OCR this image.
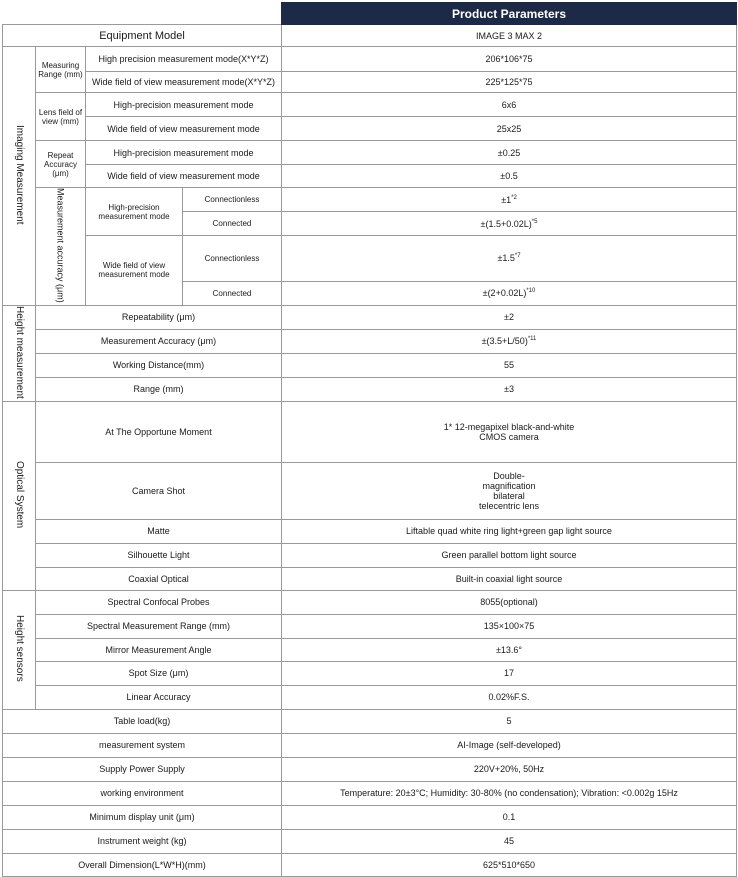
				Product Parameters
Equipment Model				IMAGE 3 MAX 2
Imaging Measurement	Measuring Range (mm)	High precision measurement mode(X*Y*Z)		206*106*75
		Wide field of view measurement mode(X*Y*Z)		225*125*75
	Lens field of view (mm)	High-precision measurement mode		6x6
		Wide field of view measurement mode		25x25
	Repeat Accuracy (μm)	High-precision measurement mode		±0.25
		Wide field of view measurement mode		±0.5
	Measurement accuracy (μm)	High-precision measurement mode	Connectionless	$\pm 1^{*2}$
			Connected	$\pm(1.5+0.02L)^{*5}$
		Wide field of view measurement mode	Connectionless	$\pm 1.5^{*7}$
			Connected	$\pm(2+0.02L)^{*10}$
Height measurement	Repeatability (μm)			±2
	Measurement Accuracy (μm)			$\pm(3.5+L/50)^{*11}$
	Working Distance(mm)			55
	Range (mm)			±3
Optical System	At The Opportune Moment			1* 12-megapixel black-and-white
CMOS camera

	Camera Shot			Double-
magnification
bilateral
telecentric lens

	Matte			Liftable quad white ring light+green gap light source
	Silhouette Light			Green parallel bottom light source
	Coaxial Optical			Built-in coaxial light source
Height sensors	Spectral Confocal Probes			8055(optional)
	Spectral Measurement Range (mm)			135×100×75
	Mirror Measurement Angle			±13.6°
	Spot Size (μm)			17
	Linear Accuracy			0.02%F.S.
Table load(kg)				5
measurement system				AI-Image (self-developed)
Supply Power Supply				220V+20%, 50Hz
working environment				Temperature: 20±3°C; Humidity: 30-80% (no condensation); Vibration: <0.002g 15Hz
Minimum display unit (μm)				0.1
Instrument weight (kg)				45
Overall Dimension(L*W*H)(mm)				625*510*650
